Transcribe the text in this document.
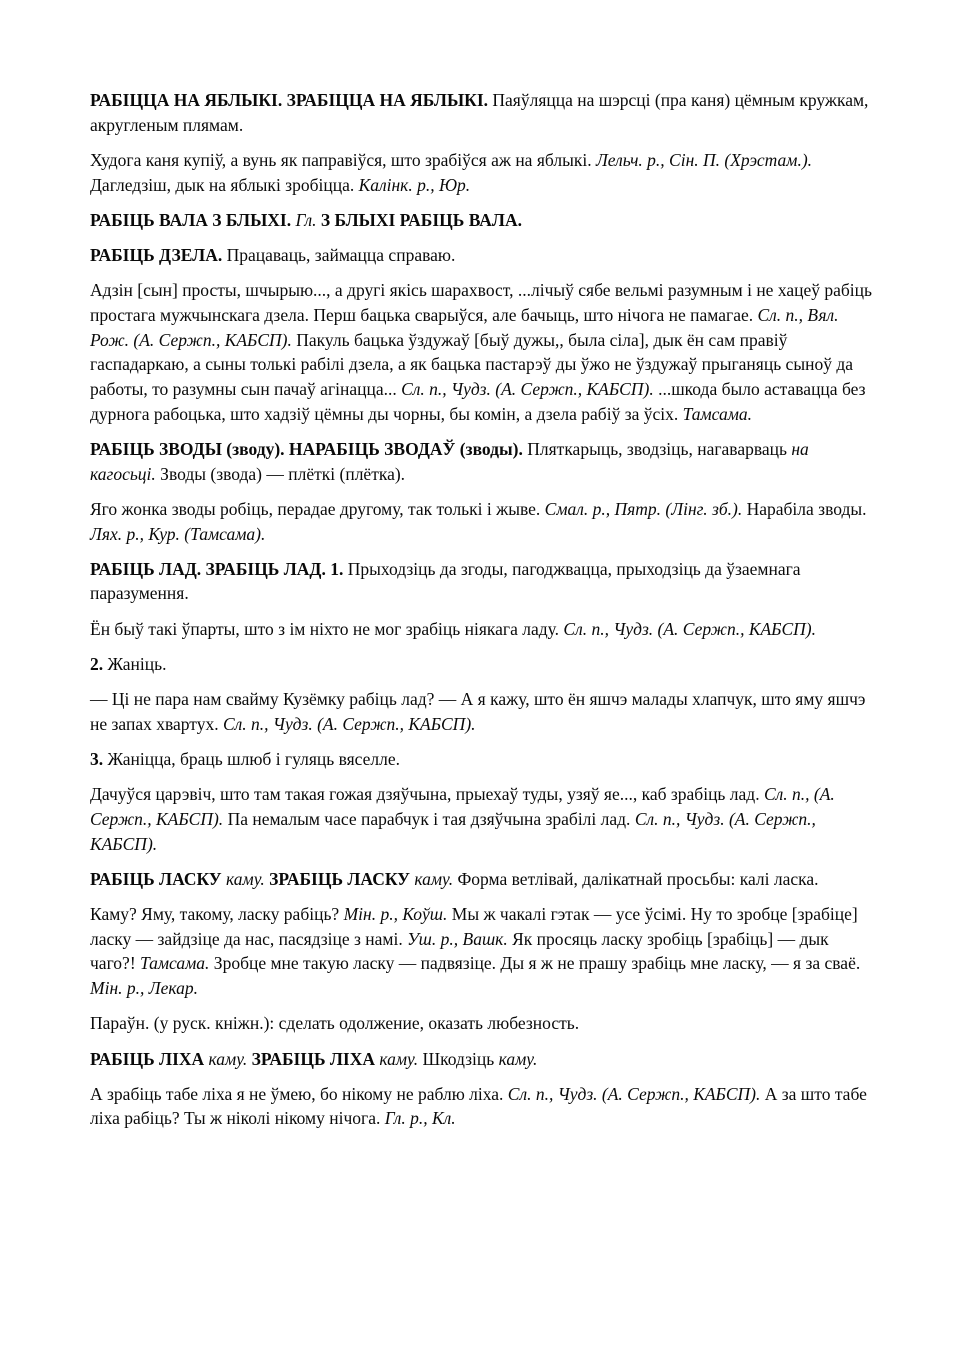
РАБІЦЦА НА ЯБЛЫКІ. ЗРАБІЦЦА НА ЯБЛЫКІ. Паяўляцца на шэрсці (пра каня) цёмным кружкам, акругленым плямам.

Худога каня купіў, а вунь як паправіўся, што зрабіўся аж на яблыкі. Лельч. р., Сін. П. (Хрэстам.). Дагледзіш, дык на яблыкі зробіцца. Калінк. р., Юр.

РАБІЦЬ ВАЛА З БЛЫХІ. Гл. З БЛЫХІ РАБІЦЬ ВАЛА.

РАБІЦЬ ДЗЕЛА. Працаваць, займацца справаю.

Адзін [сын] просты, шчырыю..., а другі якісь шарахвост, ...лічыў сябе вельмі разумным і не хацеў рабіць простага мужчынскага дзела. Перш бацька сварыўся, але бачыць, што нічога не памагае. Сл. п., Вял. Рож. (А. Сержп., КАБСП). Пакуль бацька ўздужаў [быў дужы,, была сіла], дык ён сам правіў гаспадаркаю, а сыны толькі рабілі дзела, а як бацька пастарэў ды ўжо не ўздужаў прыганяць сыноў да работы, то разумны сын пачаў агінацца... Сл. п., Чудз. (А. Сержп., КАБСП). ...шкода было аставацца без дурнога рабоцька, што хадзіў цёмны ды чорны, бы комін, а дзела рабіў за ўсіх. Тамсама.

РАБІЦЬ ЗВОДЫ (зводу). НАРАБІЦЬ ЗВОДАЎ (зводы). Пляткарыць, зводзіць, нагаварваць на кагосьці. Зводы (звода) — плёткі (плётка).

Яго жонка зводы робіць, перадае другому, так толькі і жыве. Смал. р., Пятр. (Лінг. зб.). Нарабіла зводы. Лях. р., Кур. (Тамсама).

РАБІЦЬ ЛАД. ЗРАБІЦЬ ЛАД. 1. Прыходзіць да згоды, пагоджвацца, прыходзіць да ўзаемнага паразумення.

Ён быў такі ўпарты, што з ім ніхто не мог зрабіць ніякага ладу. Сл. п., Чудз. (А. Сержп., КАБСП).

2. Жаніць.

— Ці не пара нам свайму Кузёмку рабіць лад? — А я кажу, што ён яшчэ малады хлапчук, што яму яшчэ не запах хвартух. Сл. п., Чудз. (А. Сержп., КАБСП).

3. Жаніцца, браць шлюб і гуляць вяселле.

Дачуўся царэвіч, што там такая гожая дзяўчына, прыехаў туды, узяў яе..., каб зрабіць лад. Сл. п., (А. Сержп., КАБСП). Па немалым часе парабчук і тая дзяўчына зрабілі лад. Сл. п., Чудз. (А. Сержп., КАБСП).

РАБІЦЬ ЛАСКУ каму. ЗРАБІЦЬ ЛАСКУ каму. Форма ветлівай, далікатнай просьбы: калі ласка.

Каму? Яму, такому, ласку рабіць? Мін. р., Коўш. Мы ж чакалі гэтак — усе ўсімі. Ну то зробце [зрабіце] ласку — зайдзіце да нас, пасядзіце з намі. Уш. р., Вашк. Як просяць ласку зробіць [зрабіць] — дык чаго?! Тамсама. Зробце мне такую ласку — падвязіце. Ды я ж не прашу зрабіць мне ласку, — я за сваё. Мін. р., Лекар.

Параўн. (у руск. кніжн.): сделать одолжение, оказать любезность.

РАБІЦЬ ЛІХА каму. ЗРАБІЦЬ ЛІХА каму. Шкодзіць каму.

А зрабіць табе ліха я не ўмею, бо нікому не раблю ліха. Сл. п., Чудз. (А. Сержп., КАБСП). А за што табе ліха рабіць? Ты ж ніколі нікому нічога. Гл. р., Кл.
